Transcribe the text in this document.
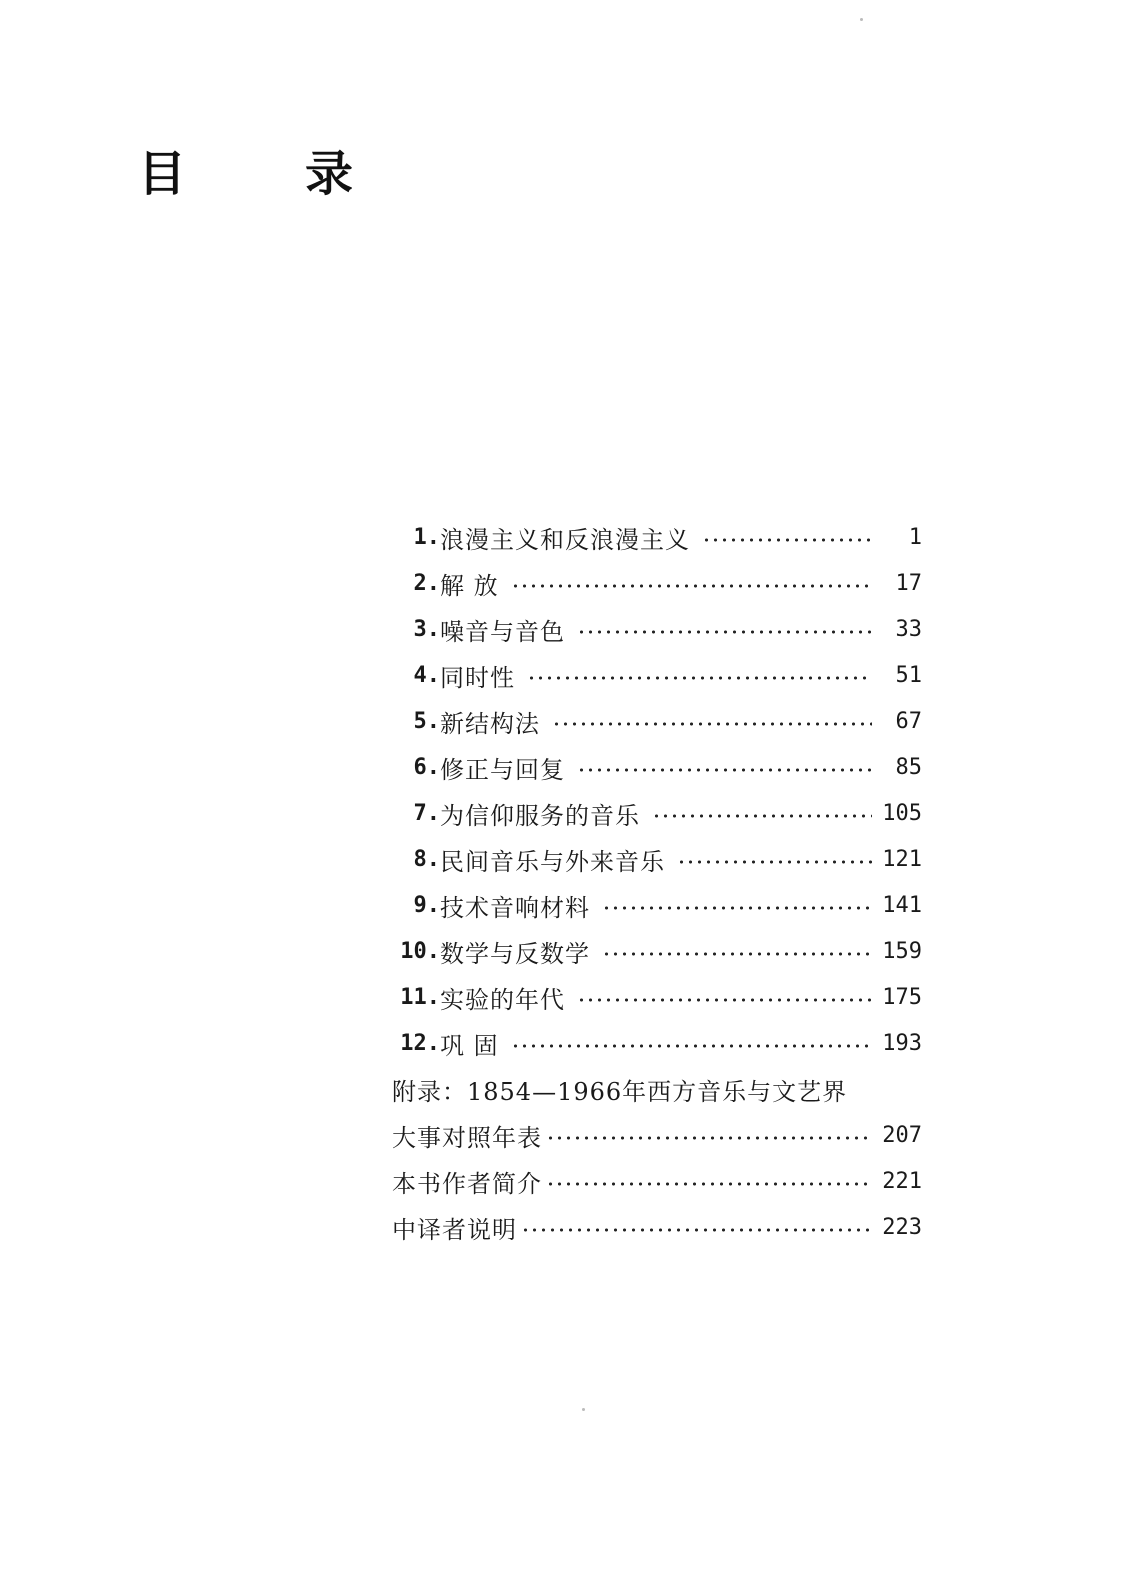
目 录
1. 浪漫主义和反浪漫主义	1
2. 解 放	17
3. 噪音与音色	33
4. 同时性	51
5. 新结构法	67
6. 修正与回复	85
7. 为信仰服务的音乐	105
8. 民间音乐与外来音乐	121
9. 技术音响材料	141
10. 数学与反数学	159
11. 实验的年代	175
12. 巩 固	193
附录：1854—1966年西方音乐与文艺界
大事对照年表	207
本书作者简介	221
中译者说明	223
